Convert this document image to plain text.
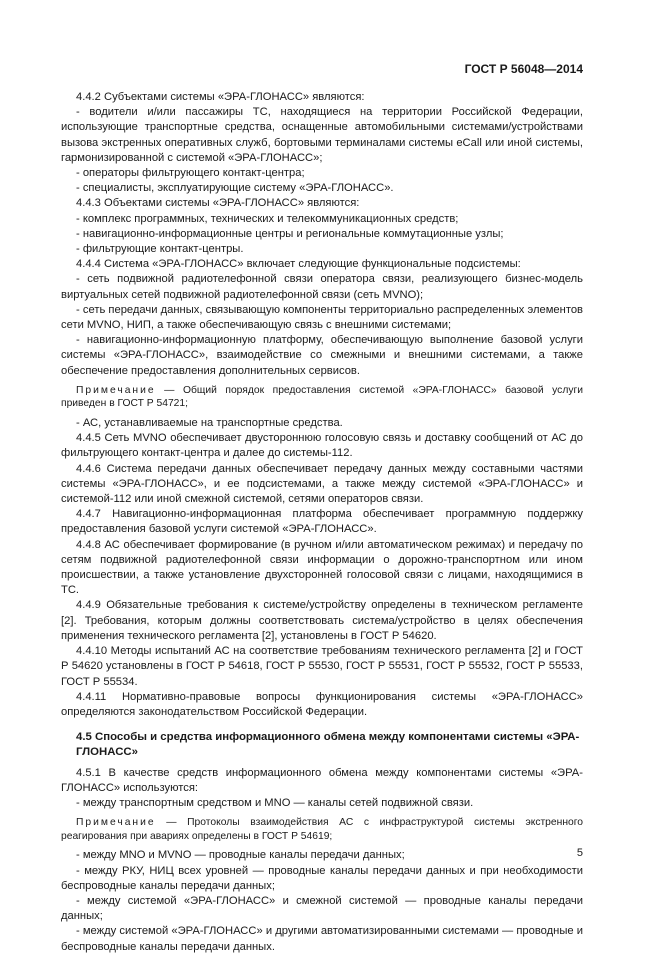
ГОСТ Р 56048—2014

4.4.2 Субъектами системы «ЭРА-ГЛОНАСС» являются:

- водители и/или пассажиры ТС, находящиеся на территории Российской Федерации, использующие транспортные средства, оснащенные автомобильными системами/устройствами вызова экстренных оперативных служб, бортовыми терминалами системы eCall или иной системы, гармонизированной с системой «ЭРА-ГЛОНАСС»;

- операторы фильтрующего контакт-центра;

- специалисты, эксплуатирующие систему «ЭРА-ГЛОНАСС».

4.4.3 Объектами системы «ЭРА-ГЛОНАСС» являются:

- комплекс программных, технических и телекоммуникационных средств;

- навигационно-информационные центры и региональные коммутационные узлы;

- фильтрующие контакт-центры.

4.4.4 Система «ЭРА-ГЛОНАСС» включает следующие функциональные подсистемы:

- сеть подвижной радиотелефонной связи оператора связи, реализующего бизнес-модель виртуальных сетей подвижной радиотелефонной связи (сеть MVNO);

- сеть передачи данных, связывающую компоненты территориально распределенных элементов сети MVNO, НИП, а также обеспечивающую связь с внешними системами;

- навигационно-информационную платформу, обеспечивающую выполнение базовой услуги системы «ЭРА-ГЛОНАСС», взаимодействие со смежными и внешними системами, а также обеспечение предоставления дополнительных сервисов.

Примечание — Общий порядок предоставления системой «ЭРА-ГЛОНАСС» базовой услуги приведен в ГОСТ Р 54721;

- АС, устанавливаемые на транспортные средства.

4.4.5 Сеть MVNO обеспечивает двустороннюю голосовую связь и доставку сообщений от АС до фильтрующего контакт-центра и далее до системы-112.

4.4.6 Система передачи данных обеспечивает передачу данных между составными частями системы «ЭРА-ГЛОНАСС», и ее подсистемами, а также между системой «ЭРА-ГЛОНАСС» и системой-112 или иной смежной системой, сетями операторов связи.

4.4.7 Навигационно-информационная платформа обеспечивает программную поддержку предоставления базовой услуги системой «ЭРА-ГЛОНАСС».

4.4.8 АС обеспечивает формирование (в ручном и/или автоматическом режимах) и передачу по сетям подвижной радиотелефонной связи информации о дорожно-транспортном или ином происшествии, а также установление двухсторонней голосовой связи с лицами, находящимися в ТС.

4.4.9 Обязательные требования к системе/устройству определены в техническом регламенте [2]. Требования, которым должны соответствовать система/устройство в целях обеспечения применения технического регламента [2], установлены в ГОСТ Р 54620.

4.4.10 Методы испытаний АС на соответствие требованиям технического регламента [2] и ГОСТ Р 54620 установлены в ГОСТ Р 54618, ГОСТ Р 55530, ГОСТ Р 55531, ГОСТ Р 55532, ГОСТ Р 55533, ГОСТ Р 55534.

4.4.11 Нормативно-правовые вопросы функционирования системы «ЭРА-ГЛОНАСС» определяются законодательством Российской Федерации.

4.5 Способы и средства информационного обмена между компонентами системы «ЭРА-ГЛОНАСС»

4.5.1 В качестве средств информационного обмена между компонентами системы «ЭРА-ГЛОНАСС» используются:

- между транспортным средством и MNO — каналы сетей подвижной связи.

Примечание — Протоколы взаимодействия АС с инфраструктурой системы экстренного реагирования при авариях определены в ГОСТ Р 54619;

- между MNO и MVNO — проводные каналы передачи данных;

- между РКУ, НИЦ всех уровней — проводные каналы передачи данных и при необходимости беспроводные каналы передачи данных;

- между системой «ЭРА-ГЛОНАСС» и смежной системой — проводные каналы передачи данных;

- между системой «ЭРА-ГЛОНАСС» и другими автоматизированными системами — проводные и беспроводные каналы передачи данных.

5
